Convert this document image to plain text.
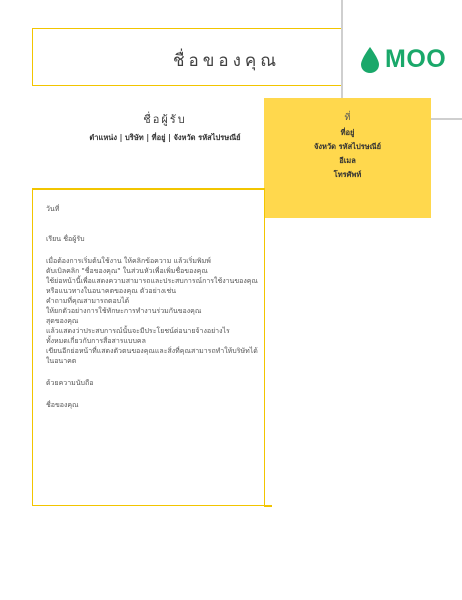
ชื่อของคุณ	MOO
ชื่อผู้รับ
ตำแหน่ง | บริษัท | ที่อยู่ | จังหวัด รหัสไปรษณีย์
ที่
ที่อยู่
จังหวัด รหัสไปรษณีย์
อีเมล
โทรศัพท์

วันที่

เรียน ชื่อผู้รับ

เมื่อต้องการเริ่มต้นใช้งาน ให้คลิกข้อความ แล้วเริ่มพิมพ์

ดับเบิลคลิก "ชื่อของคุณ" ในส่วนหัวเพื่อเพิ่มชื่อของคุณ

ใช้ย่อหน้านี้เพื่อแสดงความสามารถและประสบการณ์การใช้งานของคุณ

หรือแนวทางในอนาคตของคุณ ตัวอย่างเช่น

คำถามที่คุณสามารถตอบได้

ให้ยกตัวอย่างการใช้ทักษะการทำงานร่วมกันของคุณ

สุดของคุณ

แล้วแสดงว่าประสบการณ์นั้นจะมีประโยชน์ต่อนายจ้างอย่างไร

ทั้งหมดเกี่ยวกับการสื่อสารแบบคล

เขียนอีกย่อหน้าที่แสดงตัวตนของคุณและสิ่งที่คุณสามารถทำให้บริษัทได้ในอนาคต

ด้วยความนับถือ

ชื่อของคุณ
